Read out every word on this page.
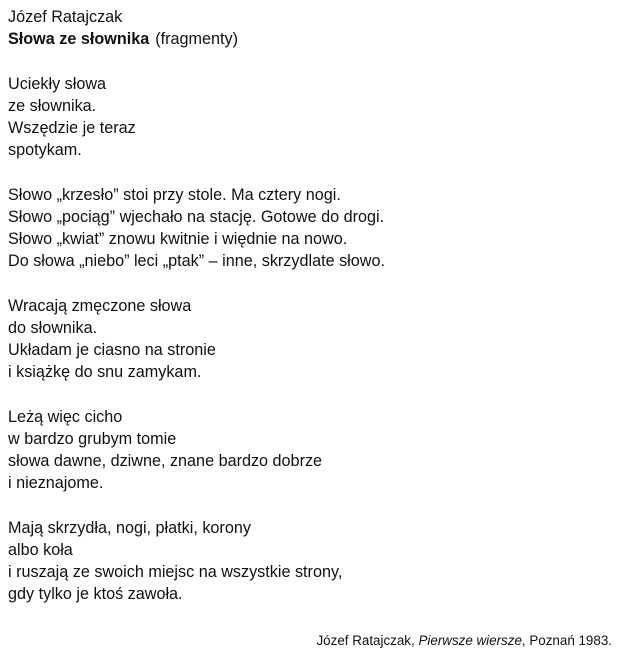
Józef Ratajczak

Słowa ze słownika (fragmenty)

Uciekły słowa
ze słownika.
Wszędzie je teraz
spotykam.
Słowo „krzesło” stoi przy stole. Ma cztery nogi.
Słowo „pociąg” wjechało na stację. Gotowe do drogi.
Słowo „kwiat” znowu kwitnie i więdnie na nowo.
Do słowa „niebo” leci „ptak” – inne, skrzydlate słowo.
Wracają zmęczone słowa
do słownika.
Układam je ciasno na stronie
i książkę do snu zamykam.
Leżą więc cicho
w bardzo grubym tomie
słowa dawne, dziwne, znane bardzo dobrze
i nieznajome.
Mają skrzydła, nogi, płatki, korony
albo koła
i ruszają ze swoich miejsc na wszystkie strony,
gdy tylko je ktoś zawoła.
Józef Ratajczak, Pierwsze wiersze, Poznań 1983.
